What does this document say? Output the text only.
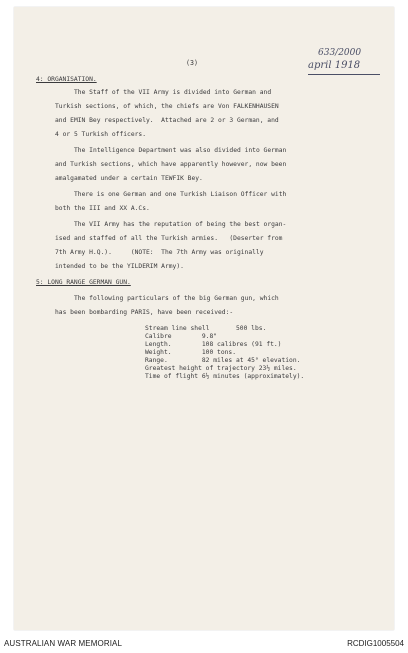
(3)
633/2000
april 1918
4: ORGANISATION.
The Staff of the VII Army is divided into German and
Turkish sections, of which, the chiefs are Von FALKENHAUSEN
and EMIN Bey respectively.  Attached are 2 or 3 German, and
4 or 5 Turkish officers.
The Intelligence Department was also divided into German
and Turkish sections, which have apparently however, now been
amalgamated under a certain TEWFIK Bey.
There is one German and one Turkish Liaison Officer with
both the III and XX A.Cs.
The VII Army has the reputation of being the best organ-
ised and staffed of all the Turkish armies.   (Deserter from
7th Army H.Q.).     (NOTE:  The 7th Army was originally
intended to be the YILDERIM Army).
5: LONG RANGE GERMAN GUN.
The following particulars of the big German gun, which
has been bombarding PARIS, have been received:-
Stream line shell       500 lbs.
Calibre        9.8"
Length.        108 calibres (91 ft.)
Weight.        100 tons.
Range.         82 miles at 45° elevation.
Greatest height of trajectory 23½ miles.
Time of flight 6½ minutes (approximately).
AUSTRALIAN WAR MEMORIAL	RCDIG1005504
